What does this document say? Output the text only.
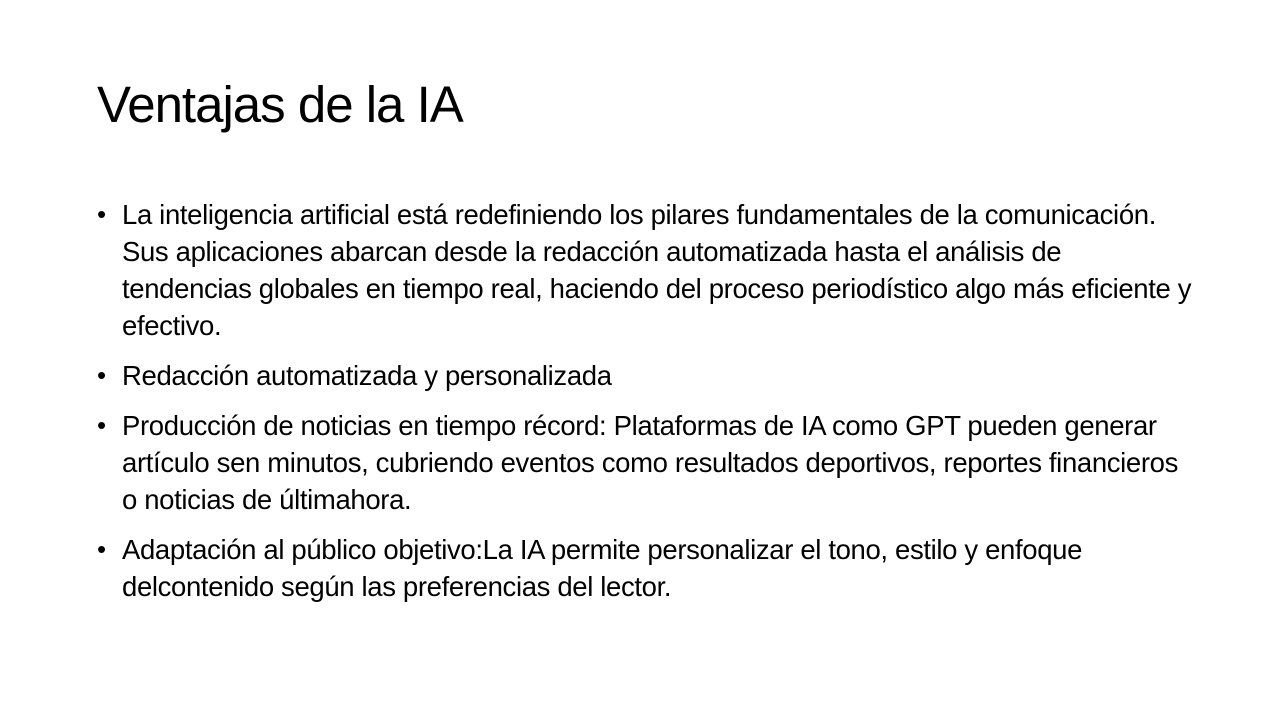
Ventajas de la IA
• La inteligencia artificial está redefiniendo los pilares fundamentales de la comunicación. Sus aplicaciones abarcan desde la redacción automatizada hasta el análisis de tendencias globales en tiempo real, haciendo del proceso periodístico algo más eficiente y efectivo.
• Redacción automatizada y personalizada
• Producción de noticias en tiempo récord: Plataformas de IA como GPT pueden generar artículo sen minutos, cubriendo eventos como resultados deportivos, reportes financieros o noticias de últimahora.
• Adaptación al público objetivo:La IA permite personalizar el tono, estilo y enfoque delcontenido según las preferencias del lector.
